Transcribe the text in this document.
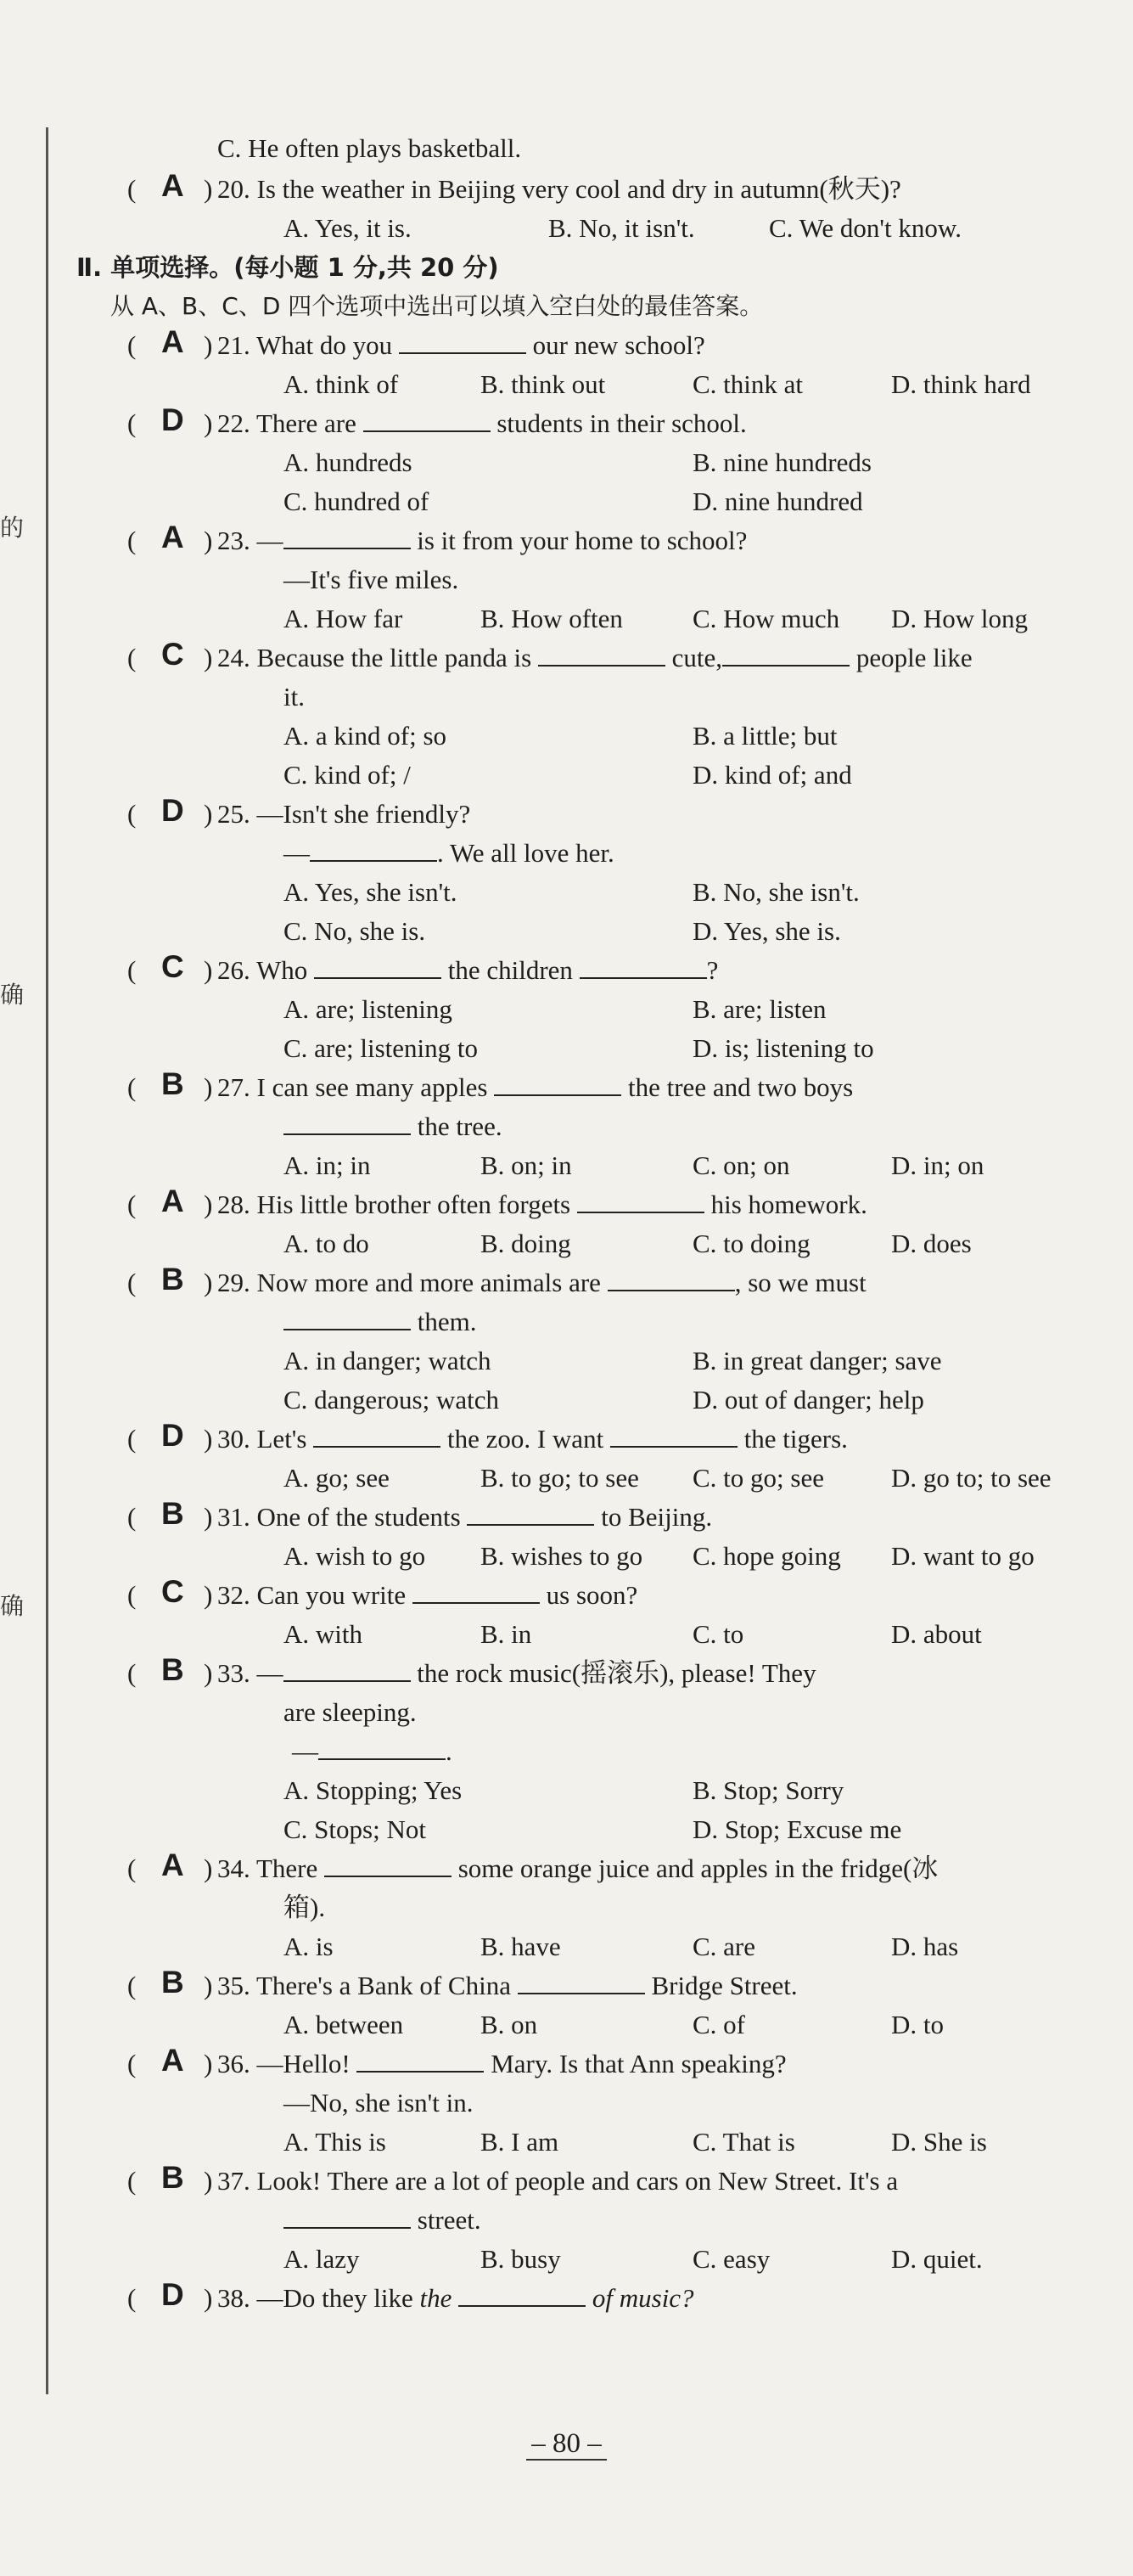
的
确
确
C. He often plays basketball.
( A ) 20. Is the weather in Beijing very cool and dry in autumn(秋天)?
A. Yes, it is.	B. No, it isn't.	C. We don't know.
Ⅱ. 单项选择。(每小题 1 分,共 20 分)
从 A、B、C、D 四个选项中选出可以填入空白处的最佳答案。
( A ) 21. What do you	our new school?
A. think of	B. think out	C. think at	D. think hard
( D ) 22. There are	students in their school.
A. hundreds	B. nine hundreds
C. hundred of	D. nine hundred
( A ) 23. —	is it from your home to school?
—It's five miles.
A. How far	B. How often	C. How much D. How long
( C ) 24. Because the little panda is	cute,	people like
it.
A. a kind of; so	B. a little; but
C. kind of; /	D. kind of; and
( D ) 25. —Isn't she friendly?
—	. We all love her.
A. Yes, she isn't.	B. No, she isn't.
C. No, she is.	D. Yes, she is.
( C ) 26. Who	the children	?
A. are; listening	B. are; listen
C. are; listening to	D. is; listening to
( B ) 27. I can see many apples	the tree and two boys
the tree.
A. in; in	B. on; in	C. on; on	D. in; on
( A ) 28. His little brother often forgets	his homework.
A. to do	B. doing	C. to doing	D. does
( B ) 29. Now more and more animals are	, so we must
them.
A. in danger; watch	B. in great danger; save
C. dangerous; watch	D. out of danger; help
( D ) 30. Let's	the zoo. I want	the tigers.
A. go; see	B. to go; to see C. to go; see	D. go to; to see
( B ) 31. One of the students	to Beijing.
A. wish to go B. wishes to go C. hope going D. want to go
( C ) 32. Can you write	us soon?
A. with	B. in	C. to	D. about
( B ) 33. —	the rock music(摇滚乐), please! They
are sleeping.
—	.
A. Stopping; Yes	B. Stop; Sorry
C. Stops; Not	D. Stop; Excuse me
( A ) 34. There	some orange juice and apples in the fridge(冰
箱).
A. is	B. have	C. are	D. has
( B ) 35. There's a Bank of China	Bridge Street.
A. between	B. on	C. of	D. to
( A ) 36. —Hello!	Mary. Is that Ann speaking?
—No, she isn't in.
A. This is	B. I am	C. That is	D. She is
( B ) 37. Look! There are a lot of people and cars on New Street. It's a
street.
A. lazy	B. busy	C. easy	D. quiet.
( D ) 38. —Do they like the	of music?
– 80 –
